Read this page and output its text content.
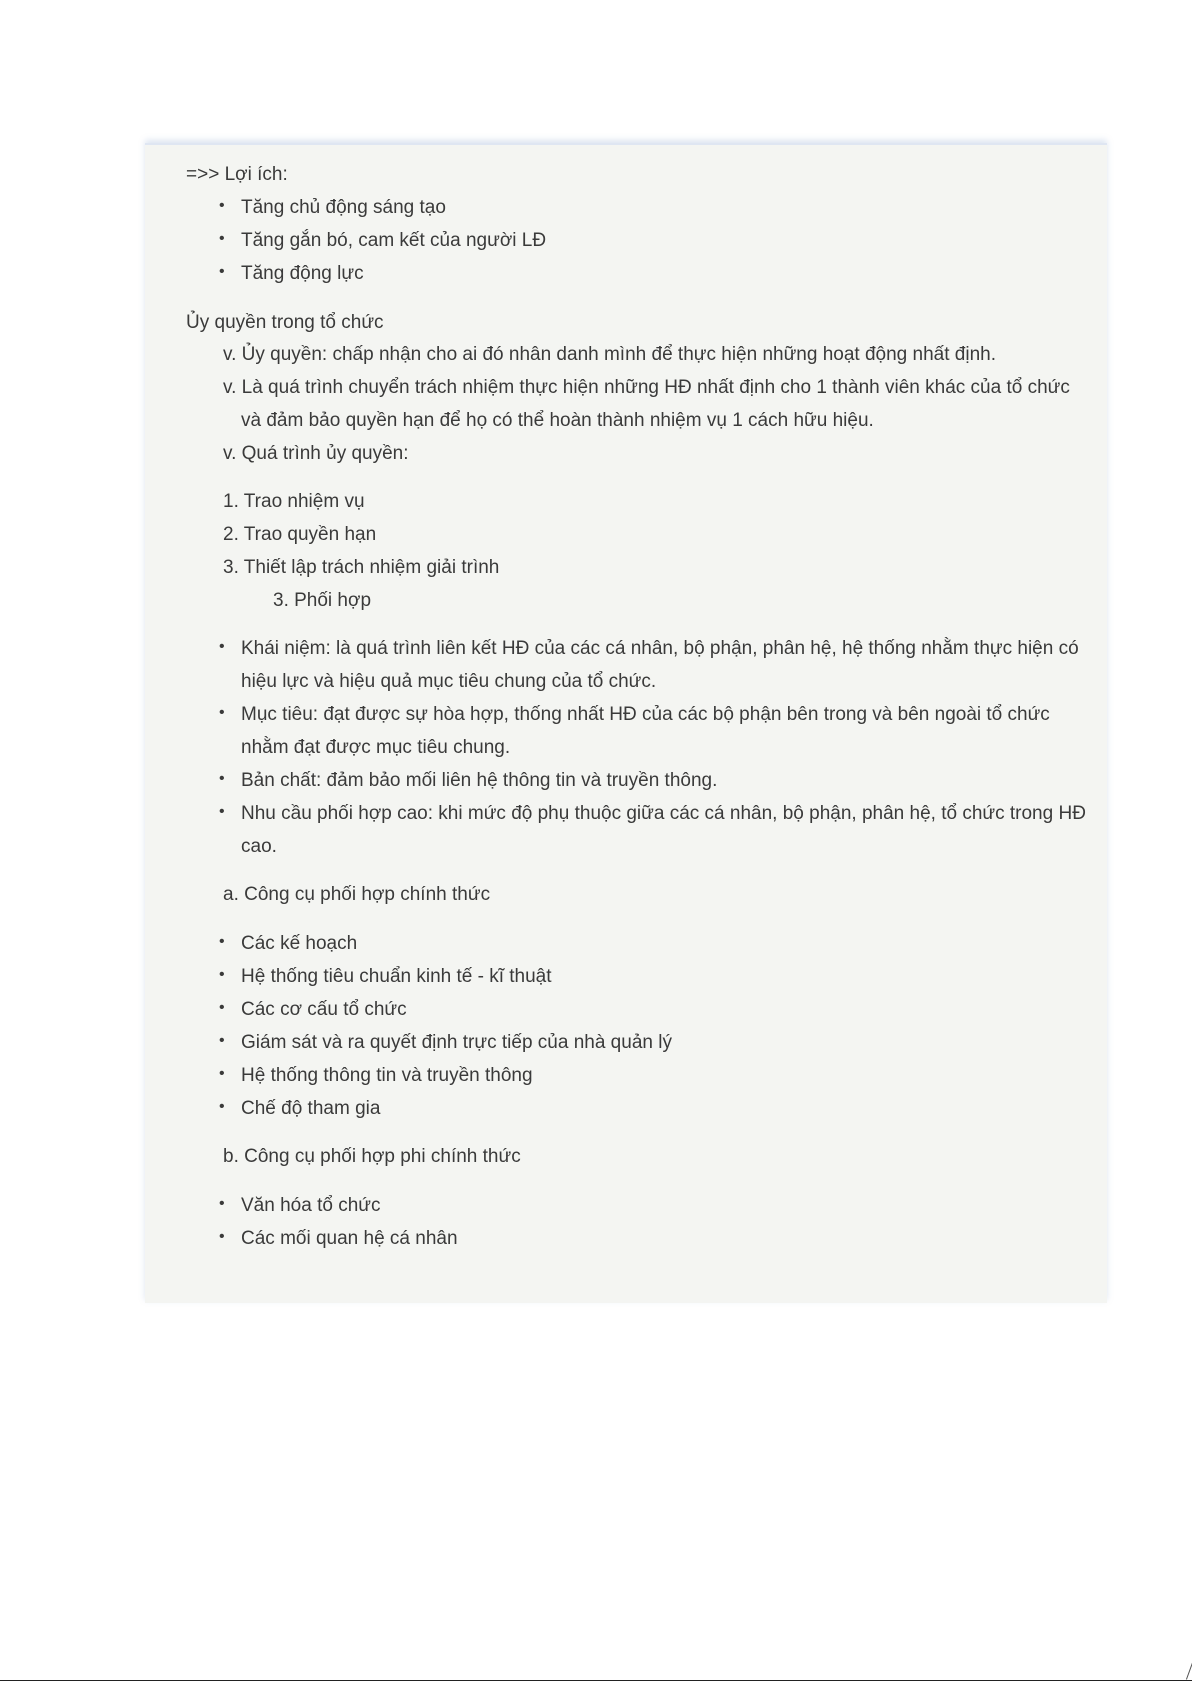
=>> Lợi ích:
• Tăng chủ động sáng tạo
• Tăng gắn bó, cam kết của người LĐ
• Tăng động lực
Ủy quyền trong tổ chức
v. Ủy quyền: chấp nhận cho ai đó nhân danh mình để thực hiện những hoạt động nhất định.
v. Là quá trình chuyển trách nhiệm thực hiện những HĐ nhất định cho 1 thành viên khác của tổ chức
và đảm bảo quyền hạn để họ có thể hoàn thành nhiệm vụ 1 cách hữu hiệu.
v. Quá trình ủy quyền:
1. Trao nhiệm vụ
2. Trao quyền hạn
3. Thiết lập trách nhiệm giải trình
3. Phối hợp
• Khái niệm: là quá trình liên kết HĐ của các cá nhân, bộ phận, phân hệ, hệ thống nhằm thực hiện có
hiệu lực và hiệu quả mục tiêu chung của tổ chức.
• Mục tiêu: đạt được sự hòa hợp, thống nhất HĐ của các bộ phận bên trong và bên ngoài tổ chức
nhằm đạt được mục tiêu chung.
• Bản chất: đảm bảo mối liên hệ thông tin và truyền thông.
• Nhu cầu phối hợp cao: khi mức độ phụ thuộc giữa các cá nhân, bộ phận, phân hệ, tổ chức trong HĐ
cao.
a. Công cụ phối hợp chính thức
• Các kế hoạch
• Hệ thống tiêu chuẩn kinh tế - kĩ thuật
• Các cơ cấu tổ chức
• Giám sát và ra quyết định trực tiếp của nhà quản lý
• Hệ thống thông tin và truyền thông
• Chế độ tham gia
b. Công cụ phối hợp phi chính thức
• Văn hóa tổ chức
• Các mối quan hệ cá nhân
